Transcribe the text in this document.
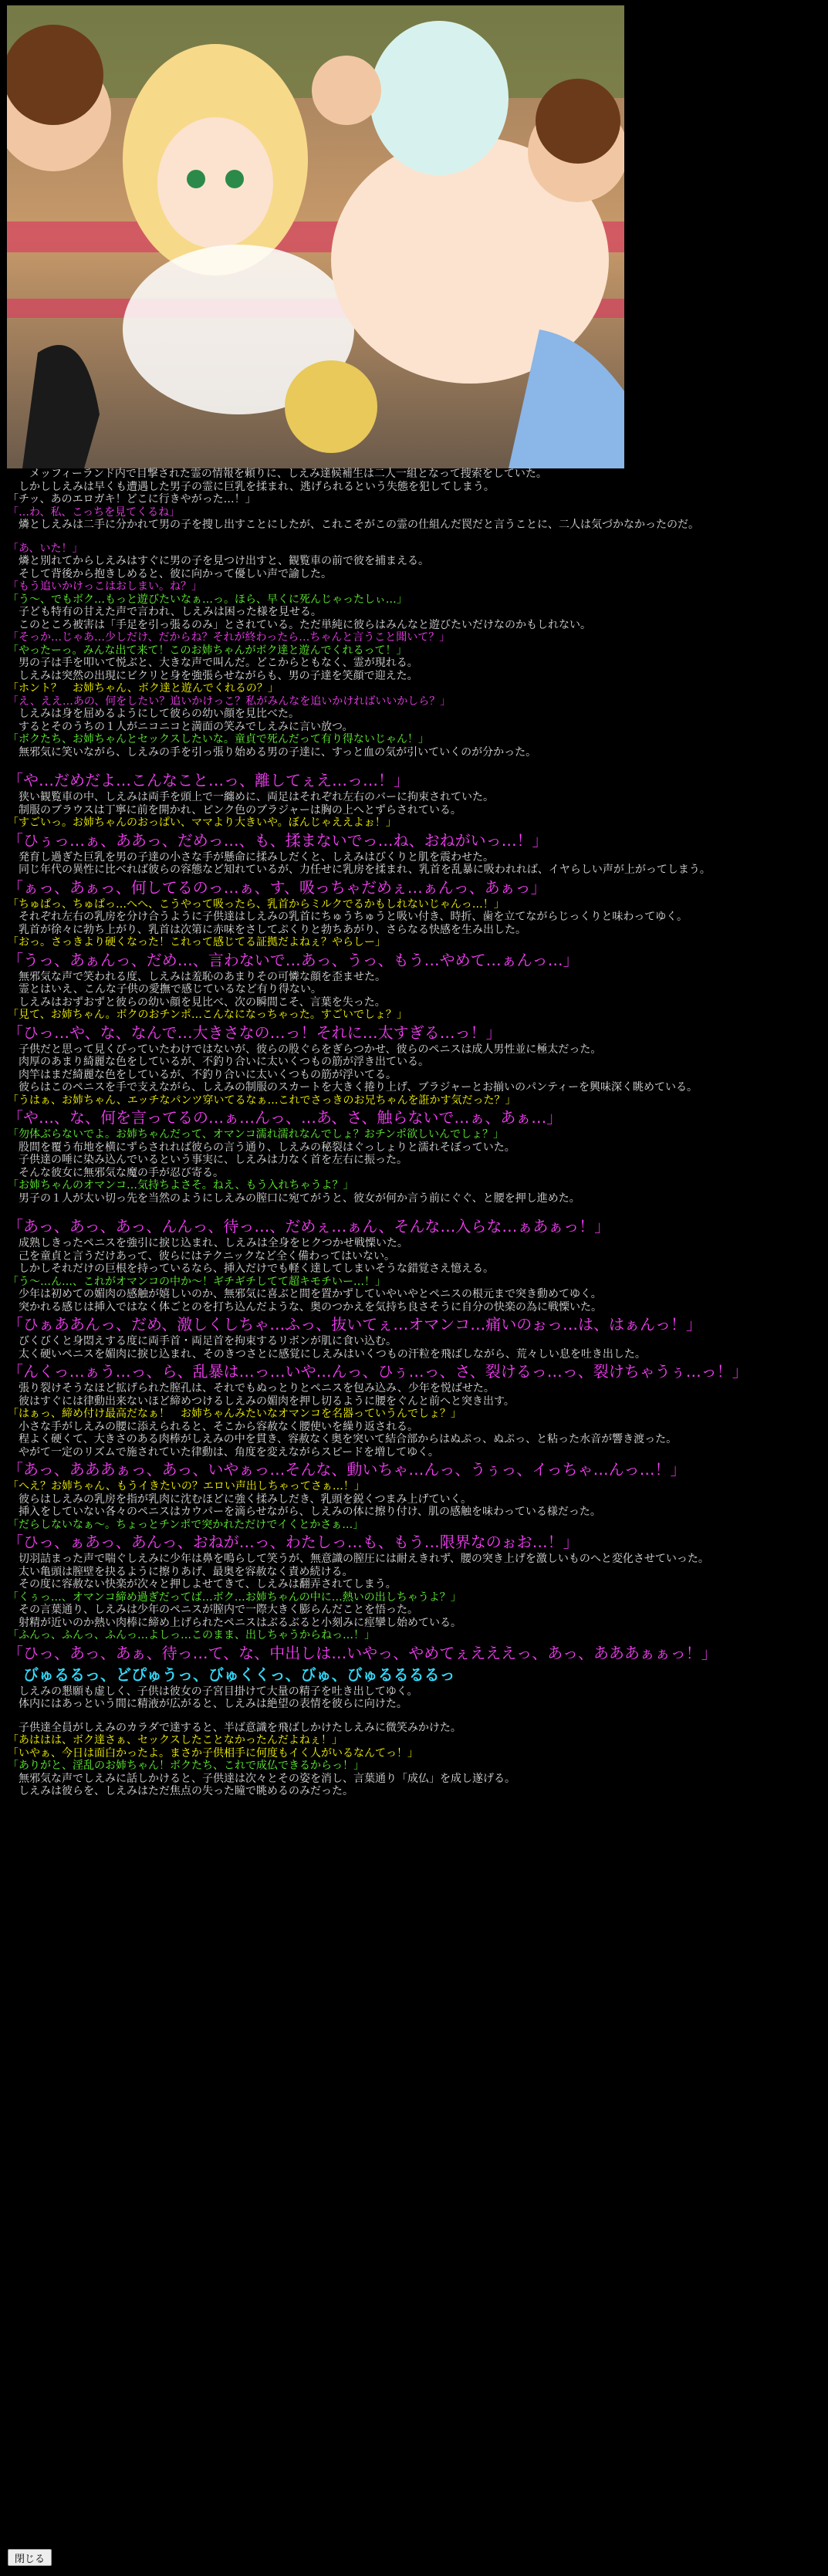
　　メッフィーランド内で目撃された霊の情報を頼りに、しえみ達候補生は二人一組となって捜索をしていた。
　しかししえみは早くも遭遇した男子の霊に巨乳を揉まれ、逃げられるという失態を犯してしまう。
「チッ、あのエロガキ！どこに行きやがった…！」
「…わ、私、こっちを見てくるね」
　燐としえみは二手に分かれて男の子を捜し出すことにしたが、これこそがこの霊の仕組んだ罠だと言うことに、二人は気づかなかったのだ。
「あ、いた！」
　燐と別れてからしえみはすぐに男の子を見つけ出すと、観覧車の前で彼を捕まえる。
　そして背後から抱きしめると、彼に向かって優しい声で諭した。
「もう追いかけっこはおしまい。ね？」
「う～、でもボク…もっと遊びたいなぁ…っ。ほら、早くに死んじゃったしぃ…」
　子ども特有の甘えた声で言われ、しえみは困った様を見せる。
　このところ被害は「手足を引っ張るのみ」とされている。ただ単純に彼らはみんなと遊びたいだけなのかもしれない。
「そっか…じゃあ…少しだけ、だからね？それが終わったら…ちゃんと言うこと聞いて？」
「やったーっ。みんな出て来て！このお姉ちゃんがボク達と遊んでくれるって！」
　男の子は手を叩いて悦ぶと、大きな声で叫んだ。どこからともなく、霊が現れる。
　しえみは突然の出現にビクリと身を強張らせながらも、男の子達を笑顔で迎えた。
「ホント？　お姉ちゃん、ボク達と遊んでくれるの？」
「え、ええ…あの、何をしたい？追いかけっこ？私がみんなを追いかければいいかしら？」
　しえみは身を屈めるようにして彼らの幼い顔を見比べた。
　するとそのうちの１人がニコニコと満面の笑みでしえみに言い放つ。
「ボクたち、お姉ちゃんとセックスしたいな。童貞で死んだって有り得ないじゃん！」
　無邪気に笑いながら、しえみの手を引っ張り始める男の子達に、すっと血の気が引いていくのが分かった。
「や…だめだよ…こんなこと…っ、離してぇえ…っ…！」
　狭い観覧車の中、しえみは両手を頭上で一纏めに、両足はそれぞれ左右のバーに拘束されていた。
　制服のブラウスは丁寧に前を開かれ、ピンク色のブラジャーは胸の上へとずらされている。
「すごいっ。お姉ちゃんのおっぱい、ママより大きいや。ぼんじゃええよぉ！」
「ひぅっ…ぁ、ああっ、だめっ…、も、揉まないでっ…ね、おねがいっ…！」
　発育し過ぎた巨乳を男の子達の小さな手が懸命に揉みしだくと、しえみはびくりと肌を震わせた。
　同じ年代の異性に比べれば彼らの容態など知れているが、力任せに乳房を揉まれ、乳首を乱暴に吸われれば、イヤらしい声が上がってしまう。
「ぁっ、あぁっ、何してるのっ…ぁ、す、吸っちゃだめぇ…ぁんっ、あぁっ」
「ちゅぱっ、ちゅぱっ…へへ、こうやって吸ったら、乳首からミルクでるかもしれないじゃんっ…！」
　それぞれ左右の乳房を分け合うように子供達はしえみの乳首にちゅうちゅうと吸い付き、時折、歯を立てながらじっくりと味わってゆく。
　乳首が徐々に勃ち上がり、乳首は次第に赤味をさしてぷくりと勃ちあがり、さらなる快感を生み出した。
「おっ。さっきより硬くなった！これって感じてる証拠だよねぇ？やらしー」
「うっ、あぁんっ、だめ…、言わないで…あっ、うっ、もう…やめて…ぁんっ…」
　無邪気な声で笑われる度、しえみは羞恥のあまりその可憐な顔を歪ませた。
　霊とはいえ、こんな子供の愛撫で感じているなど有り得ない。
　しえみはおずおずと彼らの幼い顔を見比べ、次の瞬間こそ、言葉を失った。
「見て、お姉ちゃん。ボクのおチンポ…こんなになっちゃった。すごいでしょ？」
「ひっ…や、な、なんで…大きさなの…っ！それに…太すぎる…っ！」
　子供だと思って見くびっていたわけではないが、彼らの股ぐらをぎらつかせ、彼らのペニスは成人男性並に極太だった。
　肉厚のあまり綺麗な色をしているが、不釣り合いに太いくつもの筋が浮き出ている。
　肉竿はまだ綺麗な色をしているが、不釣り合いに太いくつもの筋が浮いてる。
　彼らはこのペニスを手で支えながら、しえみの制服のスカートを大きく捲り上げ、ブラジャーとお揃いのパンティーを興味深く眺めている。
「うはぁ、お姉ちゃん、エッチなパンツ穿いてるなぁ…これでさっきのお兄ちゃんを誑かす気だった？」
「や…、な、何を言ってるの…ぁ…んっ、…あ、さ、触らないで…ぁ、あぁ…」
「勿体ぶらないでよ。お姉ちゃんだって、オマンコ濡れ濡れなんでしょ？おチンポ欲しいんでしょ？」
　股間を覆う布地を横にずらされれば彼らの言う通り、しえみの秘裂はぐっしょりと濡れそぼっていた。
　子供達の唾に染み込んでいるという事実に、しえみは力なく首を左右に振った。
　そんな彼女に無邪気な魔の手が忍び寄る。
「お姉ちゃんのオマンコ…気持ちよさそ。ねえ、もう入れちゃうよ？」
　男子の１人が太い切っ先を当然のようにしえみの膣口に宛てがうと、彼女が何か言う前にぐぐ、と腰を押し進めた。
「あっ、あっ、あっ、んんっ、待っ…、だめぇ…ぁん、そんな…入らな…ぁあぁっ！」
　成熟しきったペニスを強引に捩じ込まれ、しえみは全身をヒクつかせ戦慄いた。
　己を童貞と言うだけあって、彼らにはテクニックなど全く備わってはいない。
　しかしそれだけの巨根を持っているなら、挿入だけでも軽く達してしまいそうな錯覚さえ憶える。
「う～…ん…、これがオマンコの中か～！ギチギチしてて超キモチいー…！」
　少年は初めての媚肉の感触が嬉しいのか、無邪気に喜ぶと間を置かずしていやいやとペニスの根元まで突き動めてゆく。
　突かれる感じは挿入ではなく体ごとのを打ち込んだような、奥のつかえを気持ち良さそうに自分の快楽の為に戦慄いた。
「ひぁああんっ、だめ、激しくしちゃ…ふっ、抜いてぇ…オマンコ…痛いのぉっ…は、はぁんっ！」
　びくびくと身悶えする度に両手首・両足首を拘束するリボンが肌に食い込む。
　太く硬いペニスを媚肉に捩じ込まれ、そのきつさとに感覚にしえみはいくつもの汗粒を飛ばしながら、荒々しい息を吐き出した。
「んくっ…ぁう…っ、ら、乱暴は…っ…いや…んっ、ひぅ…っ、さ、裂けるっ…っ、裂けちゃうぅ…っ！」
　張り裂けそうなほど拡げられた膣孔は、それでもぬっとりとペニスを包み込み、少年を悦ばせた。
　彼はすぐには律動出来ないほど締めつけるしえみの媚肉を押し切るように腰をぐんと前へと突き出す。
「はぁっ、締め付け最高だなぁ！　お姉ちゃんみたいなオマンコを名器っていうんでしょ？」
　小さな手がしえみの腰に添えられると、そこから容赦なく腰使いを繰り返される。
　程よく硬くて、大きさのある肉棒がしえみの中を貫き、容赦なく奥を突いて結合部からはぬぷっ、ぬぷっ、と粘った水音が響き渡った。
　やがて一定のリズムで施されていた律動は、角度を変えながらスピードを増してゆく。
「あっ、あああぁっ、あっ、いやぁっ…そんな、動いちゃ…んっ、うぅっ、イっちゃ…んっ…！」
「へえ？お姉ちゃん、もうイきたいの？エロい声出しちゃってさぁ…！」
　彼らはしえみの乳房を指が乳肉に沈むほどに強く揉みしだき、乳頭を鋭くつまみ上げていく。
　挿入をしていない各々のペニスはカウパーを滴らせながら、しえみの体に擦り付け、肌の感触を味わっている様だった。
「だらしないなぁ～。ちょっとチンポで突かれただけでイくとかさぁ…」
「ひっ、ぁあっ、あんっ、おねが…っ、わたしっ…も、もう…限界なのぉお…！」
　切羽詰まった声で喘ぐしえみに少年は鼻を鳴らして笑うが、無意識の膣圧には耐えきれず、腰の突き上げを激しいものへと変化させていった。
　太い亀頭は膣壁を抉るように擦りあげ、最奥を容赦なく責め続ける。
　その度に容赦ない快楽が次々と押しよせてきて、しえみは翻弄されてしまう。
「くぅっ…、オマンコ締め過ぎだってば…ボク…お姉ちゃんの中に…熱いの出しちゃうよ？」
　その言葉通り、しえみは少年のペニスが膣内で一際大きく膨らんだことを悟った。
　射精が近いのか熱い肉棒に締め上げられたペニスはぶるぶると小刻みに痙攣し始めている。
「ふんっ、ふんっ、ふんっ…よしっ…このまま、出しちゃうからねっ…！」
「ひっ、あっ、あぁ、待っ…て、な、中出しは…いやっ、やめてぇえええっ、あっ、あああぁぁっ！」
　びゅるるっ、どぴゅうっ、びゅくくっ、びゅ、びゅるるるるっ
　しえみの懇願も虚しく、子供は彼女の子宮目掛けて大量の精子を吐き出してゆく。
　体内にはあっという間に精液が広がると、しえみは絶望の表情を彼らに向けた。
　子供達全員がしえみのカラダで達すると、半ば意識を飛ばしかけたしえみに微笑みかけた。
「あははは、ボク達さぁ、セックスしたことなかったんだよねぇ！」
「いやぁ、今日は面白かったよ。まさか子供相手に何度もイく人がいるなんてっ！」
「ありがと、淫乱のお姉ちゃん！ボクたち、これで成仏できるからっ！」
　無邪気な声でしえみに話しかけると、子供達は次々とその姿を消し、言葉通り「成仏」を成し遂げる。
　しえみは彼らを、しえみはただ焦点の失った瞳で眺めるのみだった。
閉じる
